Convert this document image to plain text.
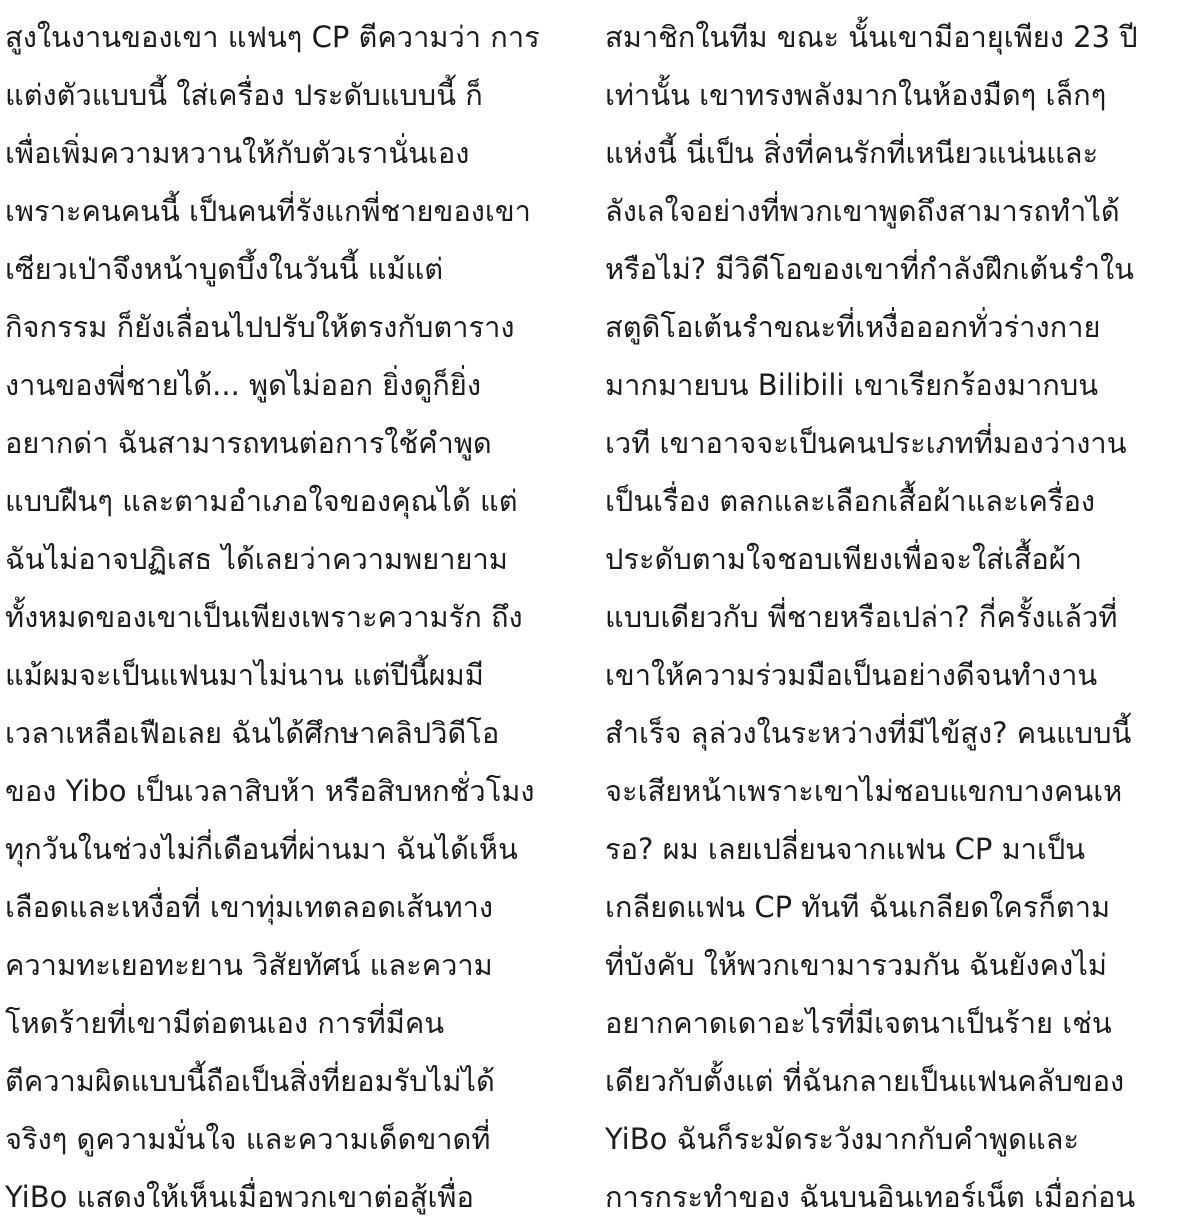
สูงในงานของเขา แฟนๆ CP ตีความว่า การ
แต่งตัวแบบนี้ ใส่เครื่อง ประดับแบบนี้ ก็
เพื่อเพิ่มความหวานให้กับตัวเรานั่นเอง
เพราะคนคนนี้ เป็นคนที่รังแกพี่ชายของเขา
เซียวเป่าจึงหน้าบูดบึ้งในวันนี้ แม้แต่
กิจกรรม ก็ยังเลื่อนไปปรับให้ตรงกับตาราง
งานของพี่ชายได้... พูดไม่ออก ยิ่งดูก็ยิ่ง
อยากด่า ฉันสามารถทนต่อการใช้คำพูด
แบบฝืนๆ และตามอำเภอใจของคุณได้ แต่
ฉันไม่อาจปฏิเสธ ได้เลยว่าความพยายาม
ทั้งหมดของเขาเป็นเพียงเพราะความรัก ถึง
แม้ผมจะเป็นแฟนมาไม่นาน แต่ปีนี้ผมมี
เวลาเหลือเฟือเลย ฉันได้ศึกษาคลิปวิดีโอ
ของ Yibo เป็นเวลาสิบห้า หรือสิบหกชั่วโมง
ทุกวันในช่วงไม่กี่เดือนที่ผ่านมา ฉันได้เห็น
เลือดและเหงื่อที่ เขาทุ่มเทตลอดเส้นทาง
ความทะเยอทะยาน วิสัยทัศน์ และความ
โหดร้ายที่เขามีต่อตนเอง การที่มีคน
ตีความผิดแบบนี้ถือเป็นสิ่งที่ยอมรับไม่ได้
จริงๆ ดูความมั่นใจ และความเด็ดขาดที่
YiBo แสดงให้เห็นเมื่อพวกเขาต่อสู้เพื่อ
สมาชิกในทีม ขณะ นั้นเขามีอายุเพียง 23 ปี
เท่านั้น เขาทรงพลังมากในห้องมืดๆ เล็กๆ
แห่งนี้ นี่เป็น สิ่งที่คนรักที่เหนียวแน่นและ
ลังเลใจอย่างที่พวกเขาพูดถึงสามารถทำได้
หรือไม่? มีวิดีโอของเขาที่กำลังฝึกเต้นรำใน
สตูดิโอเต้นรำขณะที่เหงื่อออกทั่วร่างกาย
มากมายบน Bilibili เขาเรียกร้องมากบน
เวที เขาอาจจะเป็นคนประเภทที่มองว่างาน
เป็นเรื่อง ตลกและเลือกเสื้อผ้าและเครื่อง
ประดับตามใจชอบเพียงเพื่อจะใส่เสื้อผ้า
แบบเดียวกับ พี่ชายหรือเปล่า? กี่ครั้งแล้วที่
เขาให้ความร่วมมือเป็นอย่างดีจนทำงาน
สำเร็จ ลุล่วงในระหว่างที่มีไข้สูง? คนแบบนี้
จะเสียหน้าเพราะเขาไม่ชอบแขกบางคนเห
รอ? ผม เลยเปลี่ยนจากแฟน CP มาเป็น
เกลียดแฟน CP ทันที ฉันเกลียดใครก็ตาม
ที่บังคับ ให้พวกเขามารวมกัน ฉันยังคงไม่
อยากคาดเดาอะไรที่มีเจตนาเป็นร้าย เช่น
เดียวกับตั้งแต่ ที่ฉันกลายเป็นแฟนคลับของ
YiBo ฉันก็ระมัดระวังมากกับคำพูดและ
การกระทำของ ฉันบนอินเทอร์เน็ต เมื่อก่อน
